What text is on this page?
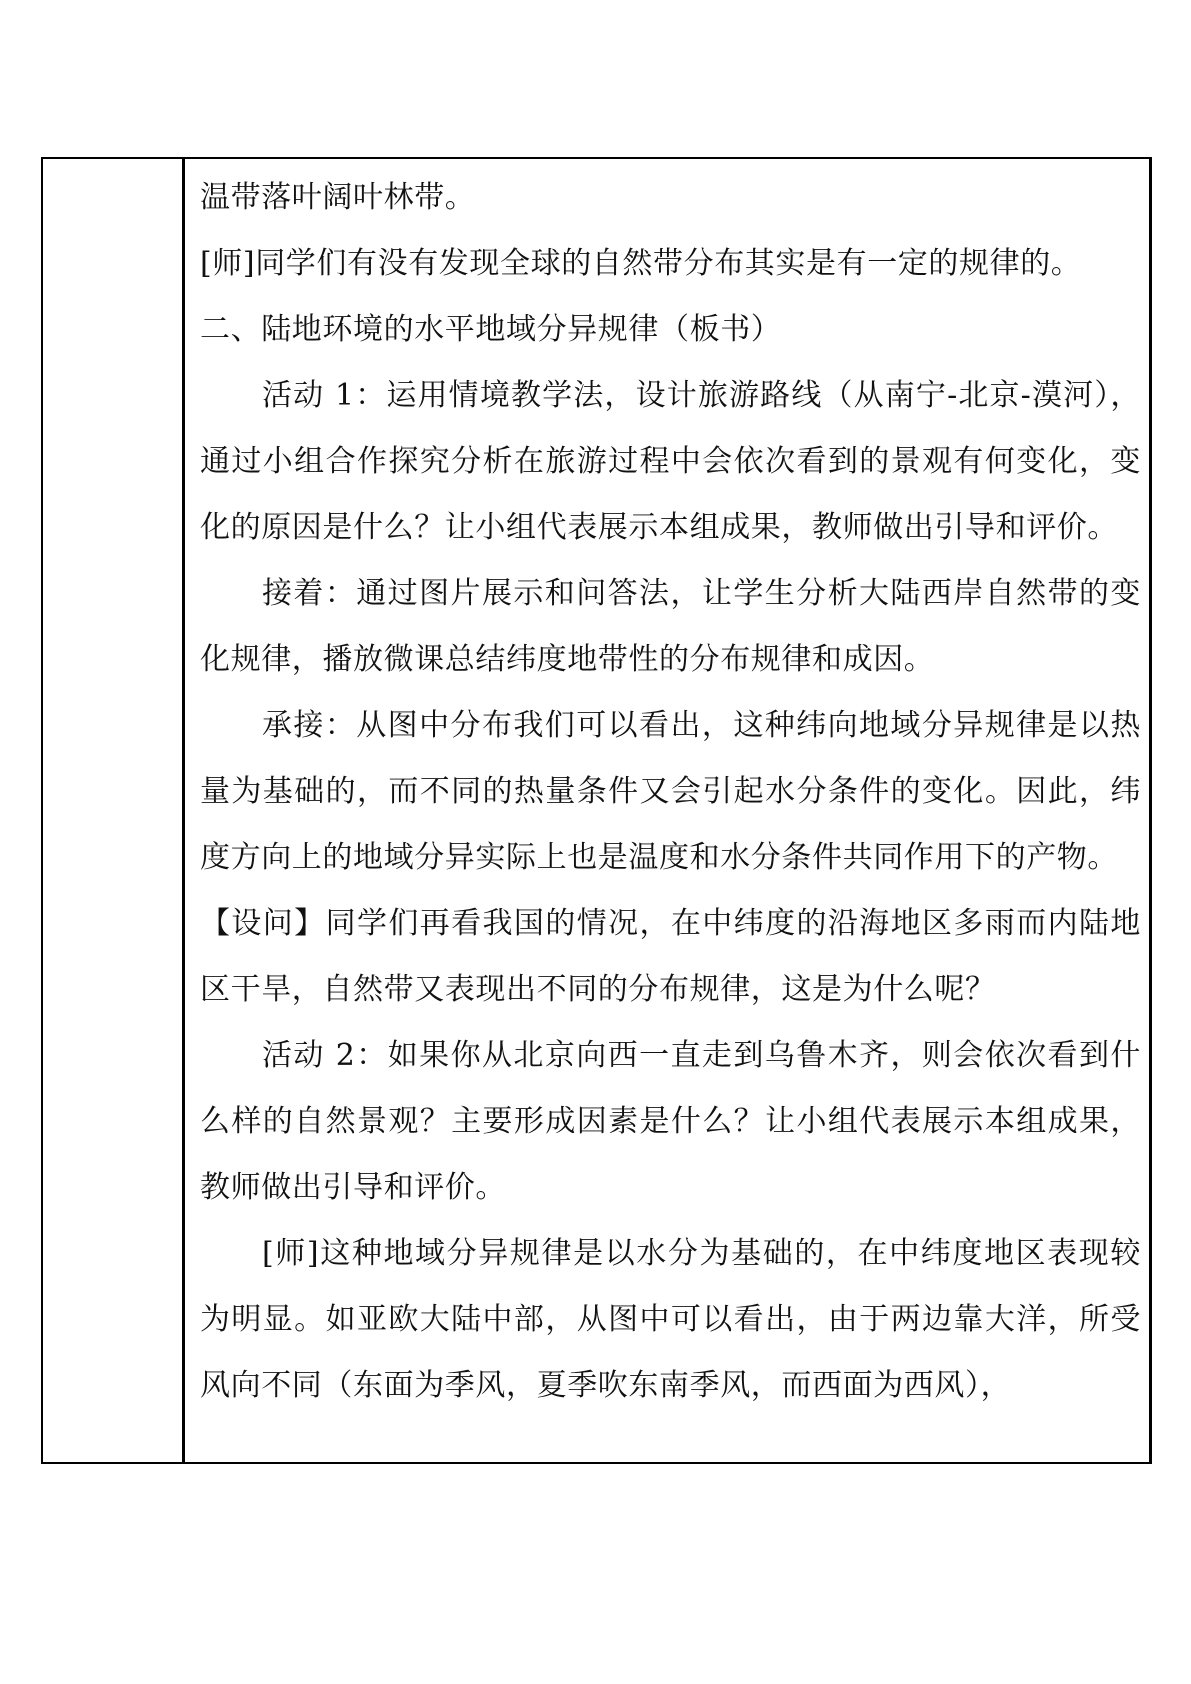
温带落叶阔叶林带。

[师]同学们有没有发现全球的自然带分布其实是有一定的规律的。

二、陆地环境的水平地域分异规律（板书）

活动 1：运用情境教学法，设计旅游路线（从南宁-北京-漠河），通过小组合作探究分析在旅游过程中会依次看到的景观有何变化，变化的原因是什么？让小组代表展示本组成果，教师做出引导和评价。

接着：通过图片展示和问答法，让学生分析大陆西岸自然带的变化规律，播放微课总结纬度地带性的分布规律和成因。

承接：从图中分布我们可以看出，这种纬向地域分异规律是以热量为基础的，而不同的热量条件又会引起水分条件的变化。因此，纬度方向上的地域分异实际上也是温度和水分条件共同作用下的产物。

【设问】同学们再看我国的情况，在中纬度的沿海地区多雨而内陆地区干旱，自然带又表现出不同的分布规律，这是为什么呢？

活动 2：如果你从北京向西一直走到乌鲁木齐，则会依次看到什么样的自然景观？主要形成因素是什么？让小组代表展示本组成果，教师做出引导和评价。

[师]这种地域分异规律是以水分为基础的，在中纬度地区表现较为明显。如亚欧大陆中部，从图中可以看出，由于两边靠大洋，所受风向不同（东面为季风，夏季吹东南季风，而西面为西风），
